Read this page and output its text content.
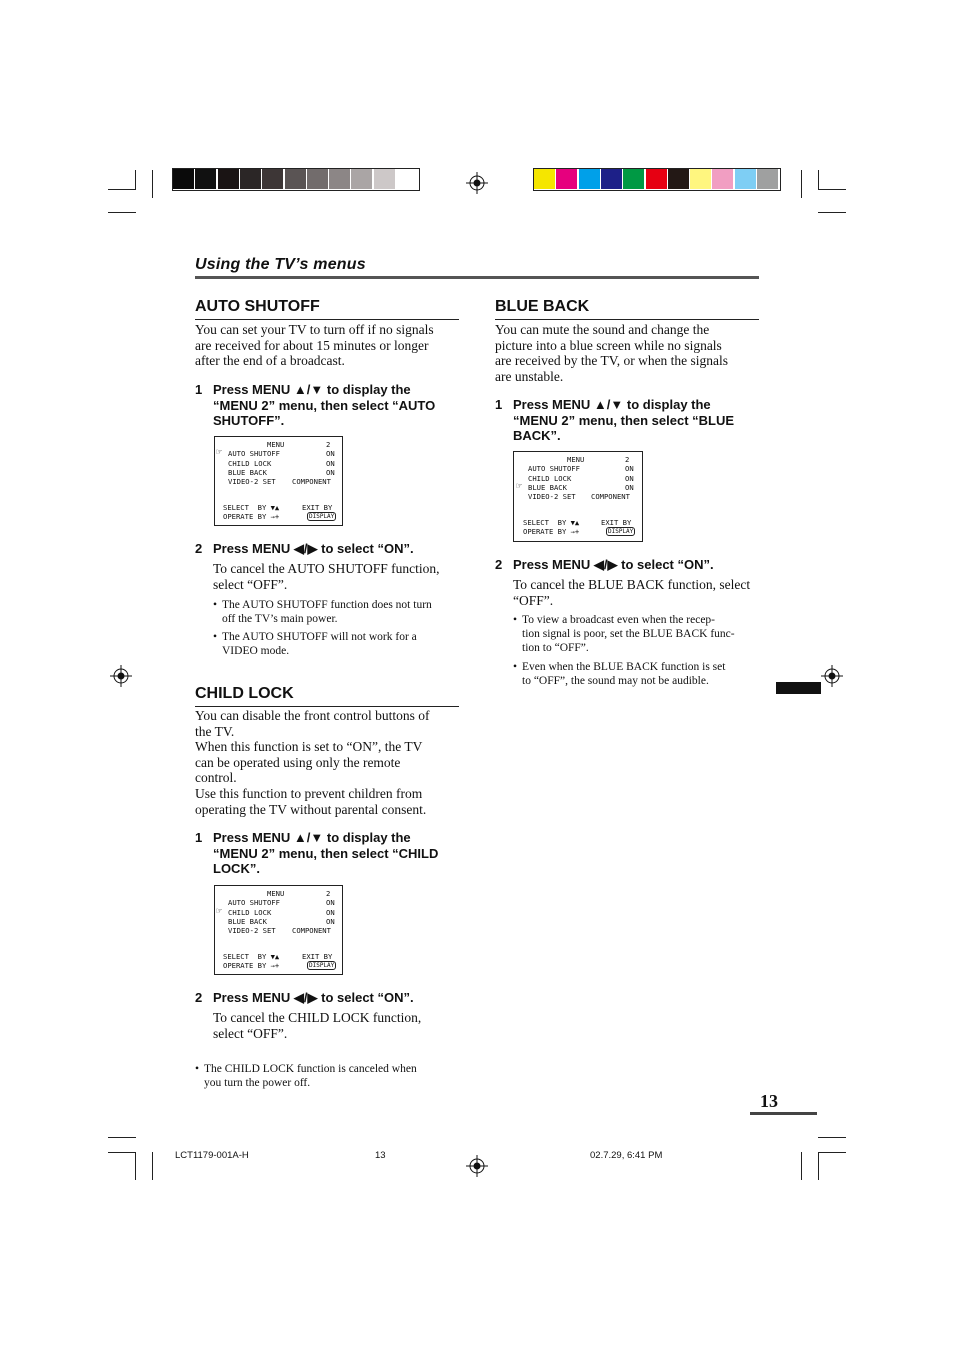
Using the TV’s menus
AUTO SHUTOFF
You can set your TV to turn off if no signals
are received for about 15 minutes or longer
after the end of a broadcast.
1 Press MENU ▲/▼ to display the
“MENU 2” menu, then select “AUTO
SHUTOFF”.
MENU	2
☞ AUTO SHUTOFF	ON
CHILD LOCK	ON
BLUE BACK	ON
VIDEO-2 SET COMPONENT
SELECT  BY ▼▲	EXIT BY
OPERATE BY →+	DISPLAY
2 Press MENU ◀/▶ to select “ON”.
To cancel the AUTO SHUTOFF function,
select “OFF”.
• The AUTO SHUTOFF function does not turn
off the TV’s main power.
• The AUTO SHUTOFF will not work for a
VIDEO mode.
CHILD LOCK
You can disable the front control buttons of
the TV.
When this function is set to “ON”, the TV
can be operated using only the remote
control.
Use this function to prevent children from
operating the TV without parental consent.
1 Press MENU ▲/▼ to display the
“MENU 2” menu, then select “CHILD
LOCK”.
MENU	2
AUTO SHUTOFF	ON
☞ CHILD LOCK	ON
BLUE BACK	ON
VIDEO-2 SET COMPONENT
SELECT  BY ▼▲	EXIT BY
OPERATE BY →+	DISPLAY
2 Press MENU ◀/▶ to select “ON”.
To cancel the CHILD LOCK function,
select “OFF”.
• The CHILD LOCK function is canceled when
you turn the power off.
BLUE BACK
You can mute the sound and change the
picture into a blue screen while no signals
are received by the TV, or when the signals
are unstable.
1 Press MENU ▲/▼ to display the
“MENU 2” menu, then select “BLUE
BACK”.
MENU	2
AUTO SHUTOFF	ON
CHILD LOCK	ON
☞ BLUE BACK	ON
VIDEO-2 SET COMPONENT
SELECT  BY ▼▲	EXIT BY
OPERATE BY →+	DISPLAY
2 Press MENU ◀/▶ to select “ON”.
To cancel the BLUE BACK function, select
“OFF”.
• To view a broadcast even when the recep-
tion signal is poor, set the BLUE BACK func-
tion to “OFF”.
• Even when the BLUE BACK function is set
to “OFF”, the sound may not be audible.
13
LCT1179-001A-H	13	02.7.29, 6:41 PM
